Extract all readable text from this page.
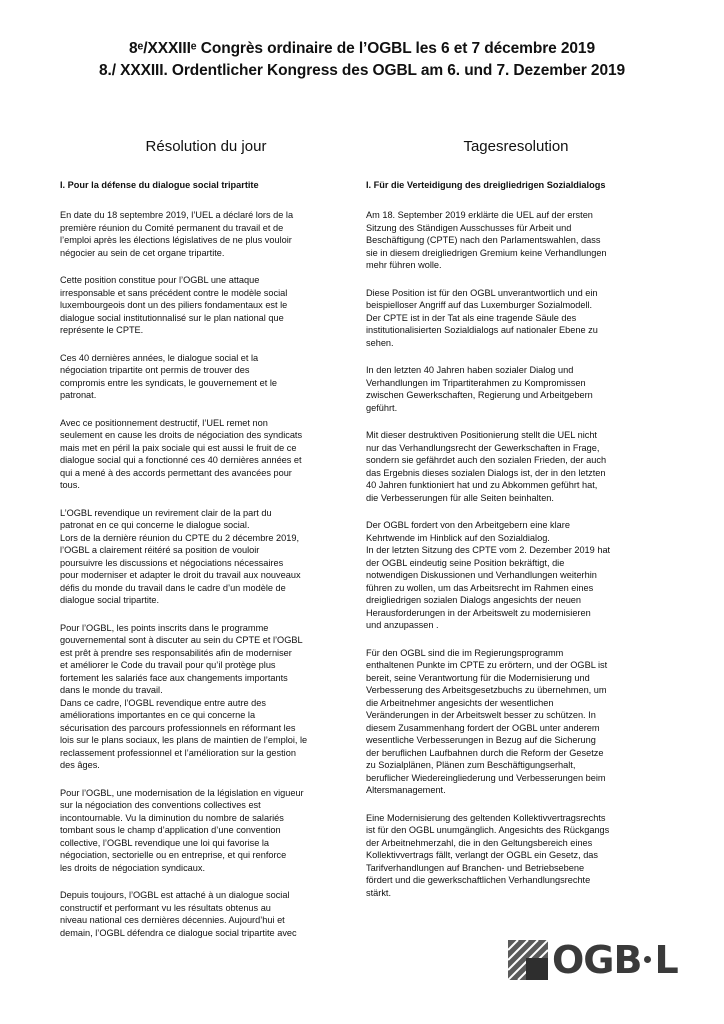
8ᵉ/XXXIIIᵉ Congrès ordinaire de l’OGBL les 6 et 7 décembre 2019
8./ XXXIII. Ordentlicher Kongress des OGBL am 6. und 7. Dezember 2019
Résolution du jour
I. Pour la défense du dialogue social tripartite

En date du 18 septembre 2019, l’UEL a déclaré lors de la
première réunion du Comité permanent du travail et de
l’emploi après les élections législatives de ne plus vouloir
négocier au sein de cet organe tripartite.

Cette position constitue pour l’OGBL une attaque
irresponsable et sans précédent contre le modèle social
luxembourgeois dont un des piliers fondamentaux est le
dialogue social institutionnalisé sur le plan national que
représente le CPTE.

Ces 40 dernières années, le dialogue social et la
négociation tripartite ont permis de trouver des
compromis entre les syndicats, le gouvernement et le
patronat.

Avec ce positionnement destructif, l’UEL remet non
seulement en cause les droits de négociation des syndicats
mais met en péril la paix sociale qui est aussi le fruit de ce
dialogue social qui a fonctionné ces 40 dernières années et
qui a mené à des accords permettant des avancées pour
tous.

L’OGBL revendique un revirement clair de la part du
patronat en ce qui concerne le dialogue social.
Lors de la dernière réunion du CPTE du 2 décembre 2019,
l’OGBL a clairement réitéré sa position de vouloir
poursuivre les discussions et négociations nécessaires
pour moderniser et adapter le droit du travail aux nouveaux
défis du monde du travail dans le cadre d’un modèle de
dialogue social tripartite.

Pour l’OGBL, les points inscrits dans le programme
gouvernemental sont à discuter au sein du CPTE et l’OGBL
est prêt à prendre ses responsabilités afin de moderniser
et améliorer le Code du travail pour qu’il protège plus
fortement les salariés face aux changements importants
dans le monde du travail.
Dans ce cadre, l’OGBL revendique entre autre des
améliorations importantes en ce qui concerne la
sécurisation des parcours professionnels en réformant les
lois sur le plans sociaux, les plans de maintien de l’emploi, le
reclassement professionnel et l’amélioration sur la gestion
des âges.

Pour l’OGBL, une modernisation de la législation en vigueur
sur la négociation des conventions collectives est
incontournable. Vu la diminution du nombre de salariés
tombant sous le champ d’application d’une convention
collective, l’OGBL revendique une loi qui favorise la
négociation, sectorielle ou en entreprise, et qui renforce
les droits de négociation syndicaux.

Depuis toujours, l’OGBL est attaché à un dialogue social
constructif et performant vu les résultats obtenus au
niveau national ces dernières décennies. Aujourd’hui et
demain, l’OGBL défendra ce dialogue social tripartite avec

Tagesresolution
I. Für die Verteidigung des dreigliedrigen Sozialdialogs

Am 18. September 2019 erklärte die UEL auf der ersten
Sitzung des Ständigen Ausschusses für Arbeit und
Beschäftigung (CPTE) nach den Parlamentswahlen, dass
sie in diesem dreigliedrigen Gremium keine Verhandlungen
mehr führen wolle.

Diese Position ist für den OGBL unverantwortlich und ein
beispielloser Angriff auf das Luxemburger Sozialmodell.
Der CPTE ist in der Tat als eine tragende Säule des
institutionalisierten Sozialdialogs auf nationaler Ebene zu
sehen.

In den letzten 40 Jahren haben sozialer Dialog und
Verhandlungen im Tripartiterahmen zu Kompromissen
zwischen Gewerkschaften, Regierung und Arbeitgebern
geführt.

Mit dieser destruktiven Positionierung stellt die UEL nicht
nur das Verhandlungsrecht der Gewerkschaften in Frage,
sondern sie gefährdet auch den sozialen Frieden, der auch
das Ergebnis dieses sozialen Dialogs ist, der in den letzten
40 Jahren funktioniert hat und zu Abkommen geführt hat,
die Verbesserungen für alle Seiten beinhalten.

Der OGBL fordert von den Arbeitgebern eine klare
Kehrtwende im Hinblick auf den Sozialdialog.
In der letzten Sitzung des CPTE vom 2. Dezember 2019 hat
der OGBL eindeutig seine Position bekräftigt, die
notwendigen Diskussionen und Verhandlungen weiterhin
führen zu wollen, um das Arbeitsrecht im Rahmen eines
dreigliedrigen sozialen Dialogs angesichts der neuen
Herausforderungen in der Arbeitswelt zu modernisieren
und anzupassen .

Für den OGBL sind die im Regierungsprogramm
enthaltenen Punkte im CPTE zu erörtern, und der OGBL ist
bereit, seine Verantwortung für die Modernisierung und
Verbesserung des Arbeitsgesetzbuchs zu übernehmen, um
die Arbeitnehmer angesichts der wesentlichen
Veränderungen in der Arbeitswelt besser zu schützen. In
diesem Zusammenhang fordert der OGBL unter anderem
wesentliche Verbesserungen in Bezug auf die Sicherung
der beruflichen Laufbahnen durch die Reform der Gesetze
zu Sozialplänen, Plänen zum Beschäftigungserhalt,
beruflicher Wiedereingliederung und Verbesserungen beim
Altersmanagement.

Eine Modernisierung des geltenden Kollektivvertragsrechts
ist für den OGBL unumgänglich. Angesichts des Rückgangs
der Arbeitnehmerzahl, die in den Geltungsbereich eines
Kollektivvertrags fällt, verlangt der OGBL ein Gesetz, das
Tarifverhandlungen auf Branchen- und Betriebsebene
fördert und die gewerkschaftlichen Verhandlungsrechte
stärkt.

OGB L
